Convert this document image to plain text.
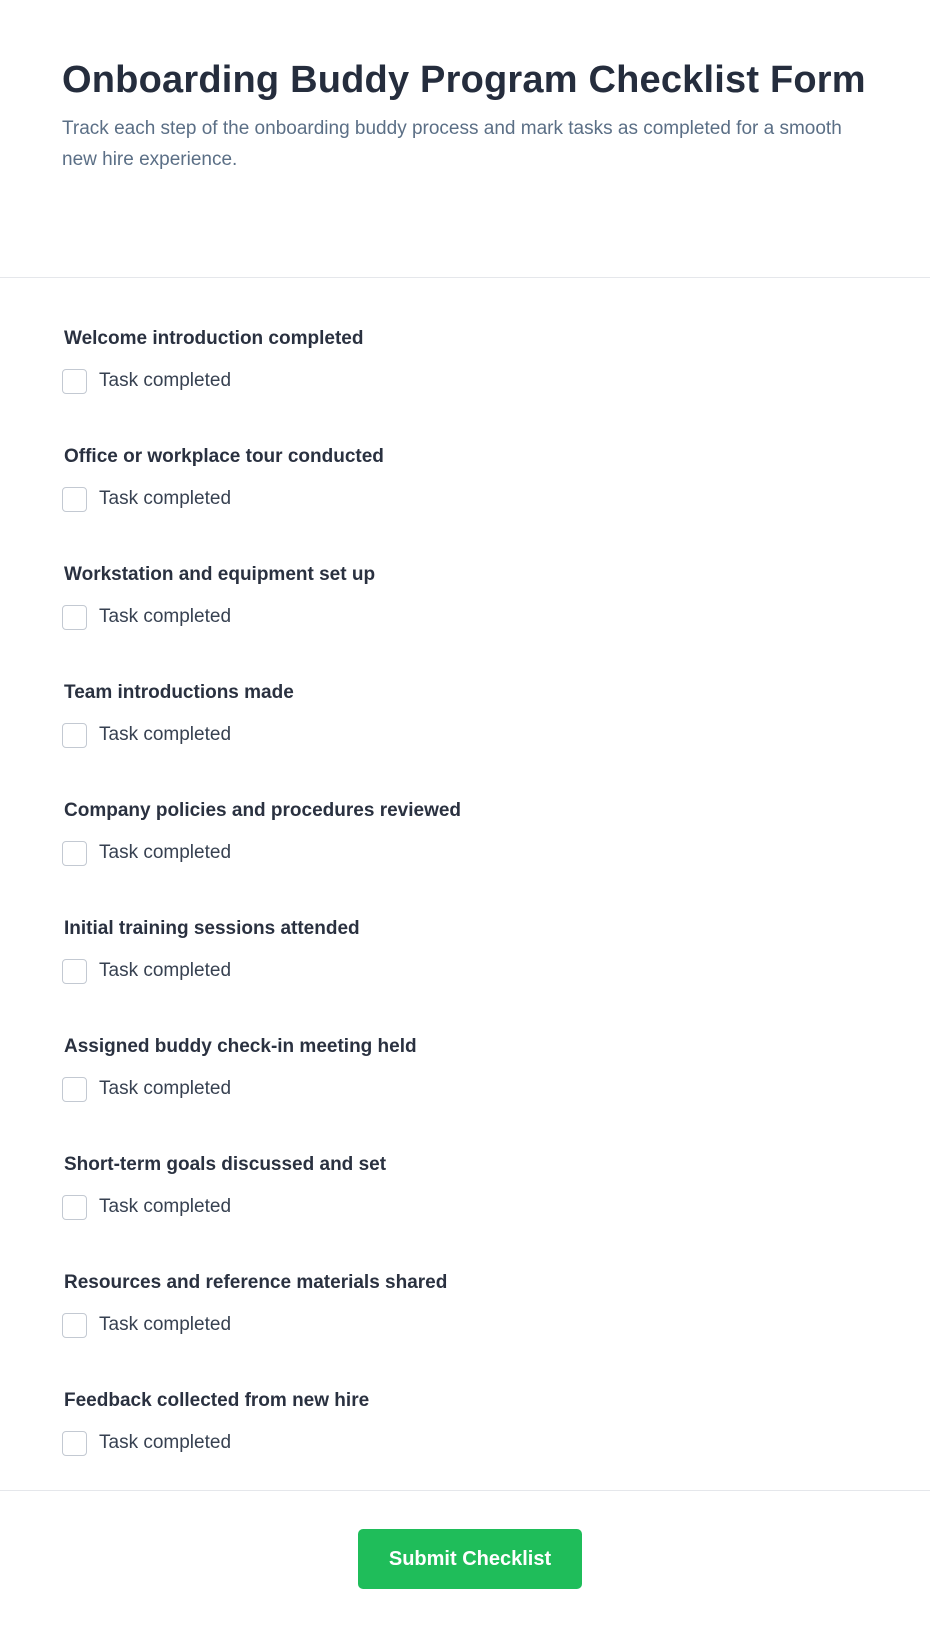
Onboarding Buddy Program Checklist Form

Track each step of the onboarding buddy process and mark tasks as completed for a smooth new hire experience.

Welcome introduction completed
Task completed
Office or workplace tour conducted
Task completed
Workstation and equipment set up
Task completed
Team introductions made
Task completed
Company policies and procedures reviewed
Task completed
Initial training sessions attended
Task completed
Assigned buddy check-in meeting held
Task completed
Short-term goals discussed and set
Task completed
Resources and reference materials shared
Task completed
Feedback collected from new hire
Task completed
Submit Checklist
